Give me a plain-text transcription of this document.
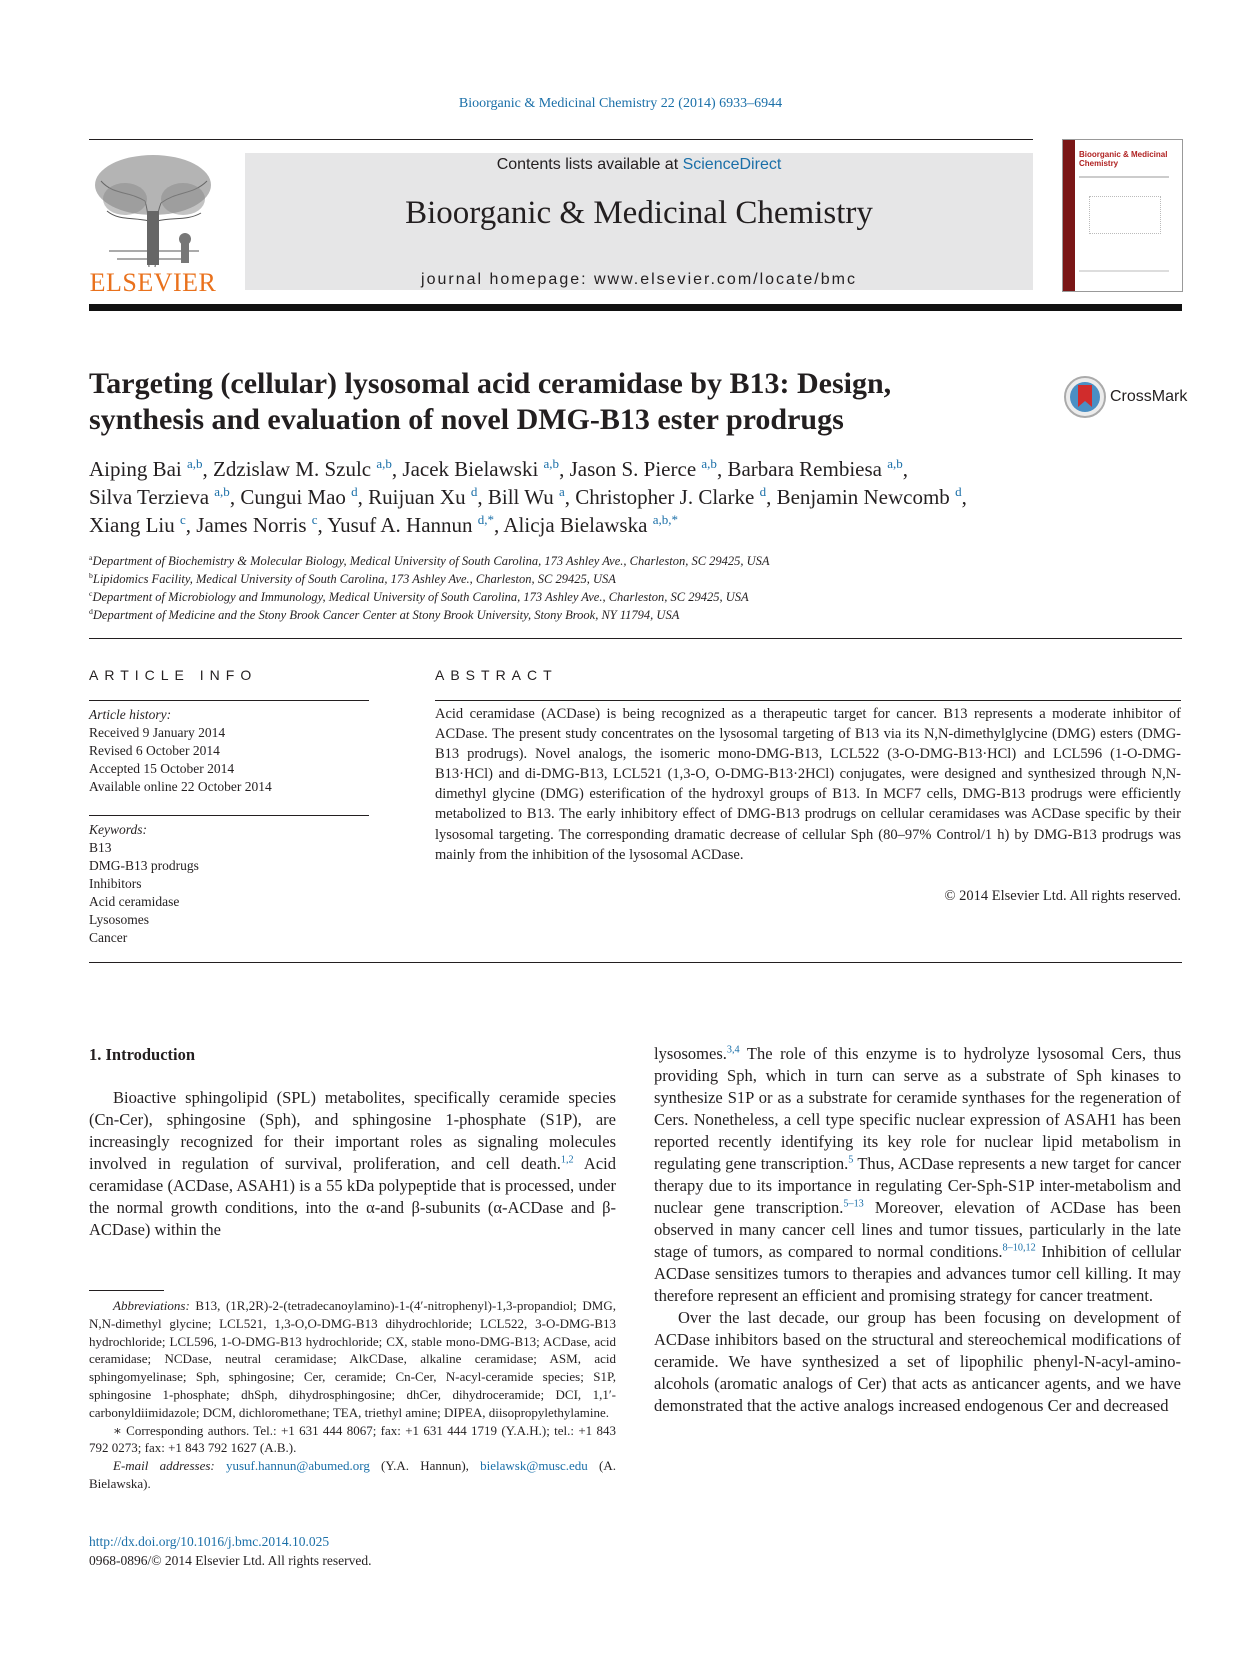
Bioorganic & Medicinal Chemistry 22 (2014) 6933–6944
ELSEVIER
Contents lists available at ScienceDirect
Bioorganic & Medicinal Chemistry
journal homepage: www.elsevier.com/locate/bmc
Bioorganic & Medicinal Chemistry
Targeting (cellular) lysosomal acid ceramidase by B13: Design,
synthesis and evaluation of novel DMG-B13 ester prodrugs
CrossMark
Aiping Bai $^{a,b}$, Zdzislaw M. Szulc $^{a,b}$, Jacek Bielawski $^{a,b}$, Jason S. Pierce $^{a,b}$, Barbara Rembiesa $^{a,b}$,
Silva Terzieva $^{a,b}$, Cungui Mao $^d$, Ruijuan Xu $^d$, Bill Wu $^a$, Christopher J. Clarke $^d$, Benjamin Newcomb $^d$,
Xiang Liu $^c$, James Norris $^c$, Yusuf A. Hannun $^{d,*}$, Alicja Bielawska $^{a,b,*}$
$^a$Department of Biochemistry & Molecular Biology, Medical University of South Carolina, 173 Ashley Ave., Charleston, SC 29425, USA
$^b$Lipidomics Facility, Medical University of South Carolina, 173 Ashley Ave., Charleston, SC 29425, USA
$^c$Department of Microbiology and Immunology, Medical University of South Carolina, 173 Ashley Ave., Charleston, SC 29425, USA
$^d$Department of Medicine and the Stony Brook Cancer Center at Stony Brook University, Stony Brook, NY 11794, USA
ARTICLE INFO
Article history:
Received 9 January 2014
Revised 6 October 2014
Accepted 15 October 2014
Available online 22 October 2014
Keywords:
B13
DMG-B13 prodrugs
Inhibitors
Acid ceramidase
Lysosomes
Cancer
ABSTRACT
Acid ceramidase (ACDase) is being recognized as a therapeutic target for cancer. B13 represents a moderate inhibitor of ACDase. The present study concentrates on the lysosomal targeting of B13 via its N,N-dimethylglycine (DMG) esters (DMG-B13 prodrugs). Novel analogs, the isomeric mono-DMG-B13, LCL522 (3-O-DMG-B13·HCl) and LCL596 (1-O-DMG-B13·HCl) and di-DMG-B13, LCL521 (1,3-O, O-DMG-B13·2HCl) conjugates, were designed and synthesized through N,N-dimethyl glycine (DMG) esterification of the hydroxyl groups of B13. In MCF7 cells, DMG-B13 prodrugs were efficiently metabolized to B13. The early inhibitory effect of DMG-B13 prodrugs on cellular ceramidases was ACDase specific by their lysosomal targeting. The corresponding dramatic decrease of cellular Sph (80–97% Control/1 h) by DMG-B13 prodrugs was mainly from the inhibition of the lysosomal ACDase.
© 2014 Elsevier Ltd. All rights reserved.
1. Introduction
Bioactive sphingolipid (SPL) metabolites, specifically ceramide species (Cn-Cer), sphingosine (Sph), and sphingosine 1-phosphate (S1P), are increasingly recognized for their important roles as signaling molecules involved in regulation of survival, proliferation, and cell death.$^{1,2}$ Acid ceramidase (ACDase, ASAH1) is a 55 kDa polypeptide that is processed, under the normal growth conditions, into the α-and β-subunits (α-ACDase and β-ACDase) within the
lysosomes.$^{3,4}$ The role of this enzyme is to hydrolyze lysosomal Cers, thus providing Sph, which in turn can serve as a substrate of Sph kinases to synthesize S1P or as a substrate for ceramide synthases for the regeneration of Cers. Nonetheless, a cell type specific nuclear expression of ASAH1 has been reported recently identifying its key role for nuclear lipid metabolism in regulating gene transcription.$^5$ Thus, ACDase represents a new target for cancer therapy due to its importance in regulating Cer-Sph-S1P inter-metabolism and nuclear gene transcription.$^{5-13}$ Moreover, elevation of ACDase has been observed in many cancer cell lines and tumor tissues, particularly in the late stage of tumors, as compared to normal conditions.$^{8-10,12}$ Inhibition of cellular ACDase sensitizes tumors to therapies and advances tumor cell killing. It may therefore represent an efficient and promising strategy for cancer treatment.
Over the last decade, our group has been focusing on development of ACDase inhibitors based on the structural and stereochemical modifications of ceramide. We have synthesized a set of lipophilic phenyl-N-acyl-amino-alcohols (aromatic analogs of Cer) that acts as anticancer agents, and we have demonstrated that the active analogs increased endogenous Cer and decreased
Abbreviations: B13, (1R,2R)-2-(tetradecanoylamino)-1-(4′-nitrophenyl)-1,3-propandiol; DMG, N,N-dimethyl glycine; LCL521, 1,3-O,O-DMG-B13 dihydrochloride; LCL522, 3-O-DMG-B13 hydrochloride; LCL596, 1-O-DMG-B13 hydrochloride; CX, stable mono-DMG-B13; ACDase, acid ceramidase; NCDase, neutral ceramidase; AlkCDase, alkaline ceramidase; ASM, acid sphingomyelinase; Sph, sphingosine; Cer, ceramide; Cn-Cer, N-acyl-ceramide species; S1P, sphingosine 1-phosphate; dhSph, dihydrosphingosine; dhCer, dihydroceramide; DCI, 1,1′-carbonyldiimidazole; DCM, dichloromethane; TEA, triethyl amine; DIPEA, diisopropylethylamine.
∗ Corresponding authors. Tel.: +1 631 444 8067; fax: +1 631 444 1719 (Y.A.H.); tel.: +1 843 792 0273; fax: +1 843 792 1627 (A.B.).
E-mail addresses: yusuf.hannun@abumed.org (Y.A. Hannun), bielawsk@musc.edu (A. Bielawska).
http://dx.doi.org/10.1016/j.bmc.2014.10.025
0968-0896/© 2014 Elsevier Ltd. All rights reserved.
